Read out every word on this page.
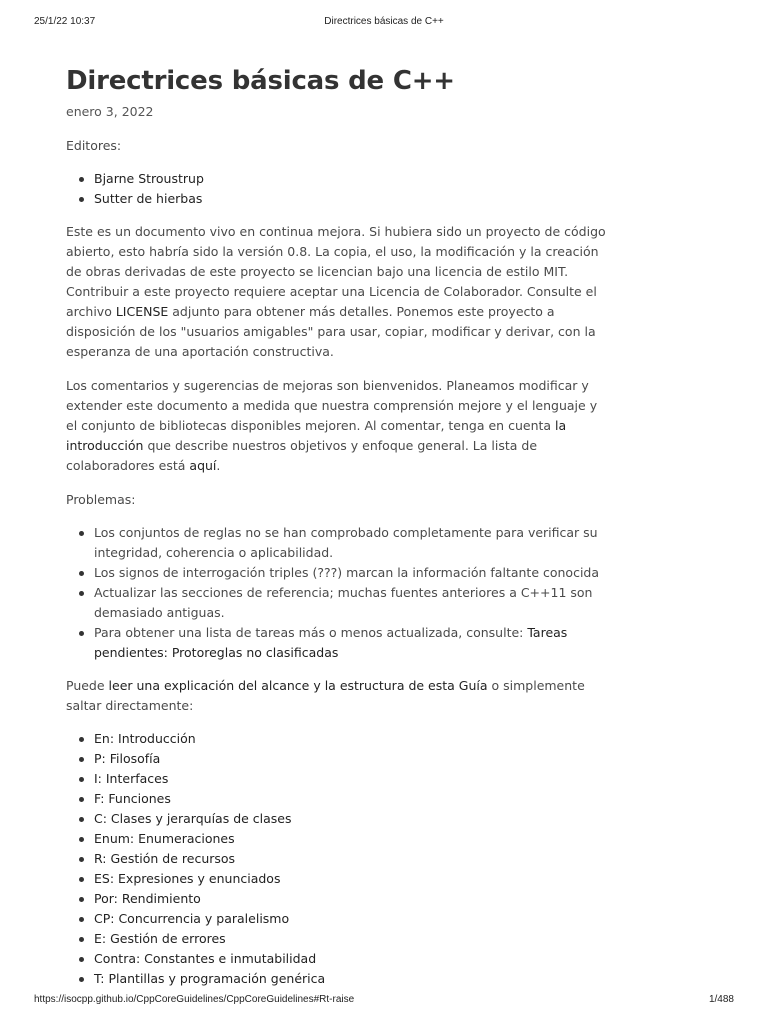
25/1/22 10:37	Directrices básicas de C++
Directrices básicas de C++

enero 3, 2022

Editores:

Bjarne Stroustrup
Sutter de hierbas

Este es un documento vivo en continua mejora. Si hubiera sido un proyecto de código abierto, esto habría sido la versión 0.8. La copia, el uso, la modificación y la creación de obras derivadas de este proyecto se licencian bajo una licencia de estilo MIT. Contribuir a este proyecto requiere aceptar una Licencia de Colaborador. Consulte el archivo LICENSE adjunto para obtener más detalles. Ponemos este proyecto a disposición de los "usuarios amigables" para usar, copiar, modificar y derivar, con la esperanza de una aportación constructiva.

Los comentarios y sugerencias de mejoras son bienvenidos. Planeamos modificar y extender este documento a medida que nuestra comprensión mejore y el lenguaje y el conjunto de bibliotecas disponibles mejoren. Al comentar, tenga en cuenta la introducción que describe nuestros objetivos y enfoque general. La lista de colaboradores está aquí.

Problemas:

Los conjuntos de reglas no se han comprobado completamente para verificar su integridad, coherencia o aplicabilidad.
Los signos de interrogación triples (???) marcan la información faltante conocida
Actualizar las secciones de referencia; muchas fuentes anteriores a C++11 son demasiado antiguas.
Para obtener una lista de tareas más o menos actualizada, consulte: Tareas pendientes: Protoreglas no clasificadas

Puede leer una explicación del alcance y la estructura de esta Guía o simplemente saltar directamente:

En: Introducción
P: Filosofía
I: Interfaces
F: Funciones
C: Clases y jerarquías de clases
Enum: Enumeraciones
R: Gestión de recursos
ES: Expresiones y enunciados
Por: Rendimiento
CP: Concurrencia y paralelismo
E: Gestión de errores
Contra: Constantes e inmutabilidad
T: Plantillas y programación genérica
https://isocpp.github.io/CppCoreGuidelines/CppCoreGuidelines#Rt-raise	1/488
